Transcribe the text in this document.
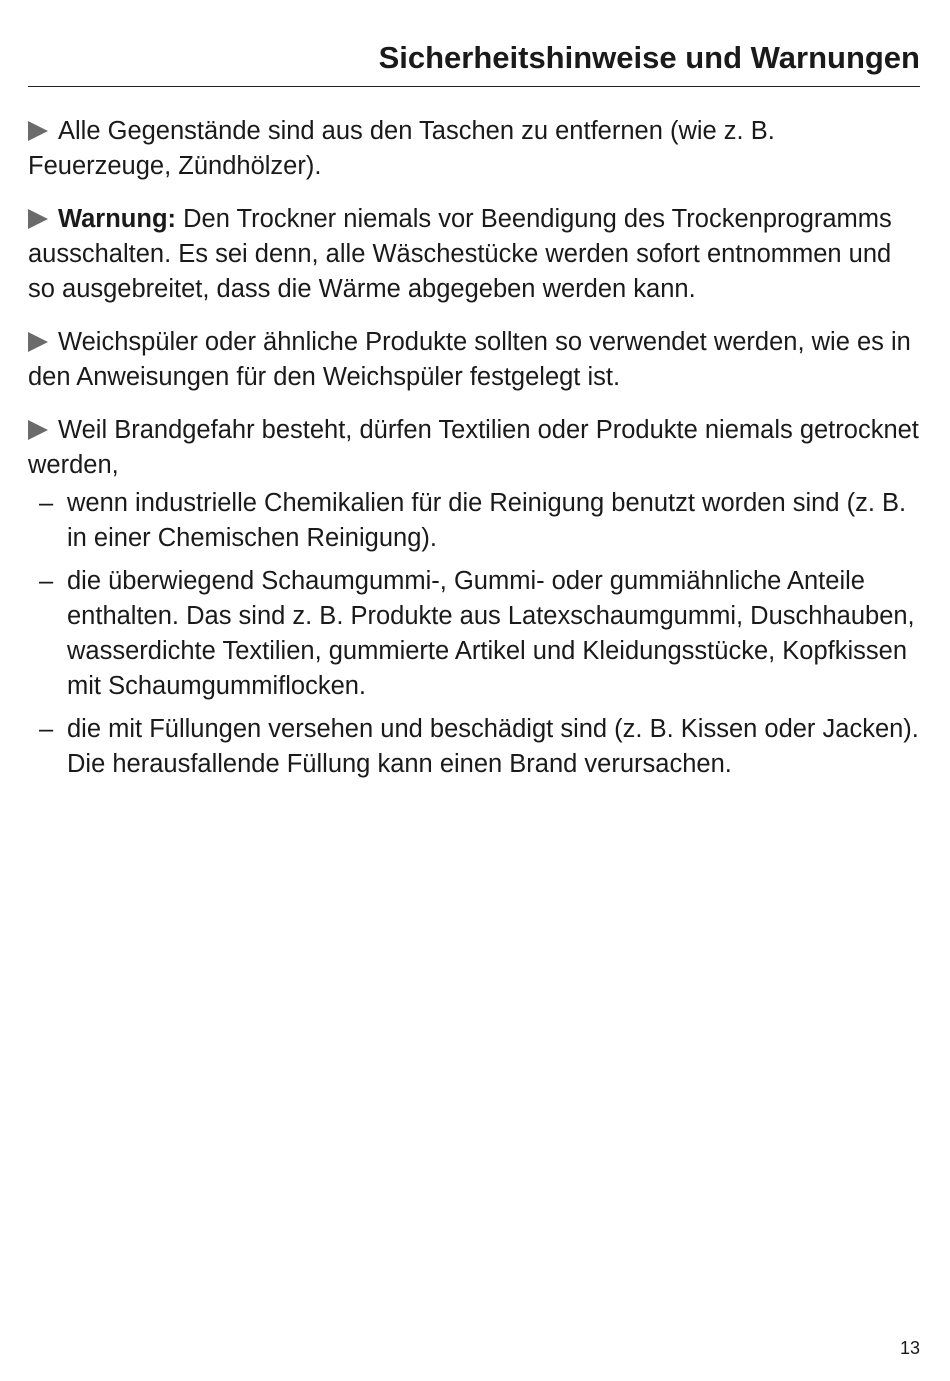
Sicherheitshinweise und Warnungen

Alle Gegenstände sind aus den Taschen zu entfernen (wie z. B. Feuerzeuge, Zündhölzer).

Warnung: Den Trockner niemals vor Beendigung des Trockenprogramms ausschalten. Es sei denn, alle Wäschestücke werden sofort entnommen und so ausgebreitet, dass die Wärme abgegeben werden kann.

Weichspüler oder ähnliche Produkte sollten so verwendet werden, wie es in den Anweisungen für den Weichspüler festgelegt ist.

Weil Brandgefahr besteht, dürfen Textilien oder Produkte niemals getrocknet werden,

– wenn industrielle Chemikalien für die Reinigung benutzt worden sind (z. B. in einer Chemischen Reinigung).
– die überwiegend Schaumgummi-, Gummi- oder gummiähnliche Anteile enthalten. Das sind z. B. Produkte aus Latexschaumgummi, Duschhauben, wasserdichte Textilien, gummierte Artikel und Kleidungsstücke, Kopfkissen mit Schaumgummiflocken.
– die mit Füllungen versehen und beschädigt sind (z. B. Kissen oder Jacken). Die herausfallende Füllung kann einen Brand verursachen.
13
